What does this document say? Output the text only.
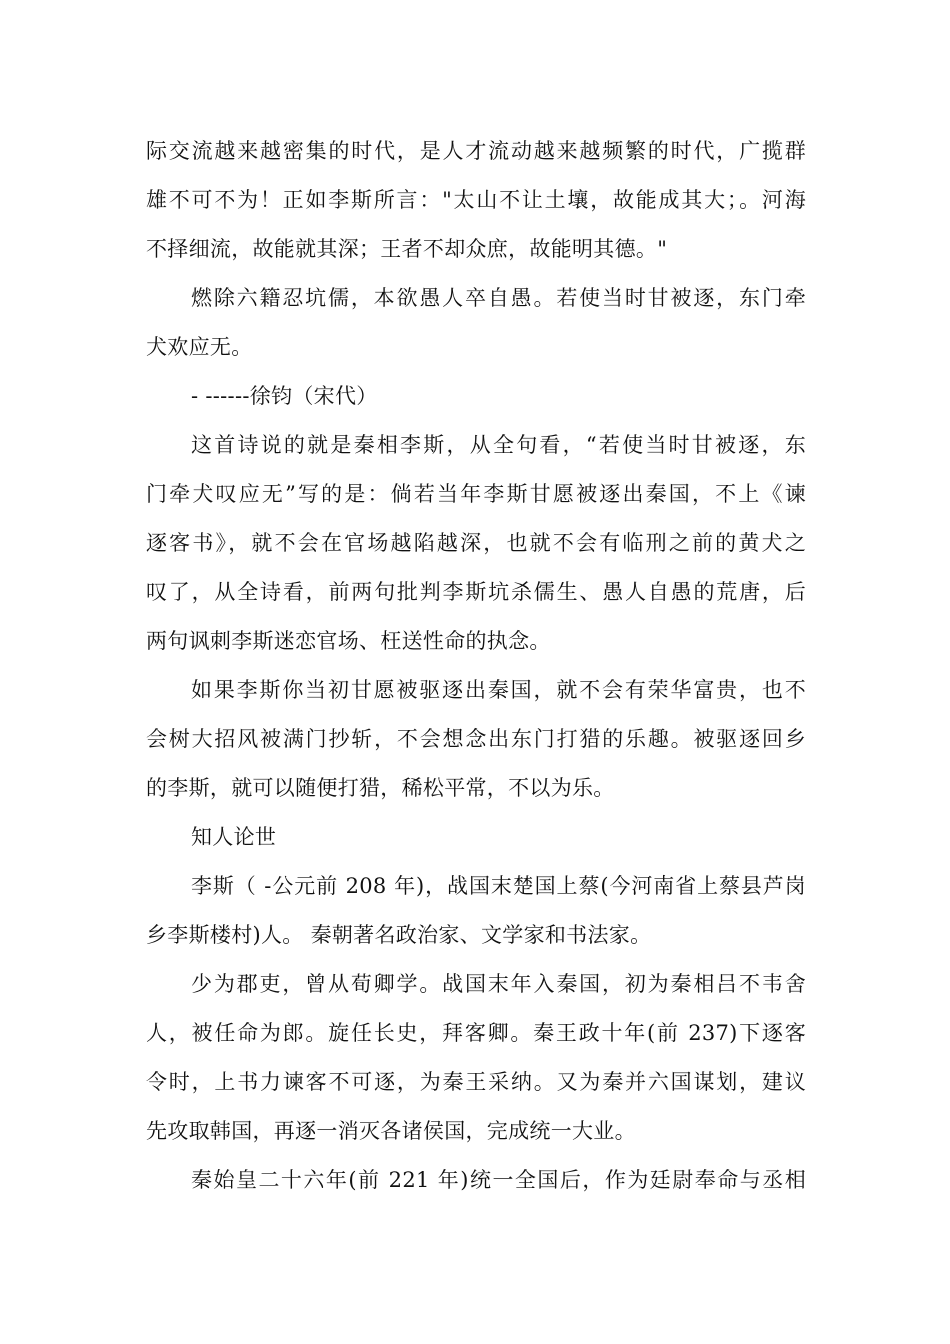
际交流越来越密集的时代，是人才流动越来越频繁的时代，广揽群
雄不可不为！正如李斯所言："太山不让土壤，故能成其大；。河海
不择细流，故能就其深；王者不却众庶，故能明其德。"
燃除六籍忍坑儒，本欲愚人卒自愚。若使当时甘被逐，东门牵
犬欢应无。
- ------徐钧（宋代）
这首诗说的就是秦相李斯，从全句看，“若使当时甘被逐，东
门牵犬叹应无”写的是：倘若当年李斯甘愿被逐出秦国，不上《谏
逐客书》，就不会在官场越陷越深，也就不会有临刑之前的黄犬之
叹了，从全诗看，前两句批判李斯坑杀儒生、愚人自愚的荒唐，后
两句讽刺李斯迷恋官场、枉送性命的执念。
如果李斯你当初甘愿被驱逐出秦国，就不会有荣华富贵，也不
会树大招风被满门抄斩，不会想念出东门打猎的乐趣。被驱逐回乡
的李斯，就可以随便打猎，稀松平常，不以为乐。
知人论世
李斯（ -公元前 208 年)，战国末楚国上蔡(今河南省上蔡县芦岗
乡李斯楼村)人。 秦朝著名政治家、文学家和书法家。
少为郡吏，曾从荀卿学。战国末年入秦国，初为秦相吕不韦舍
人，被任命为郎。旋任长史，拜客卿。秦王政十年(前 237)下逐客
令时，上书力谏客不可逐，为秦王采纳。又为秦并六国谋划，建议
先攻取韩国，再逐一消灭各诸侯国，完成统一大业。
秦始皇二十六年(前 221 年)统一全国后，作为廷尉奉命与丞相
